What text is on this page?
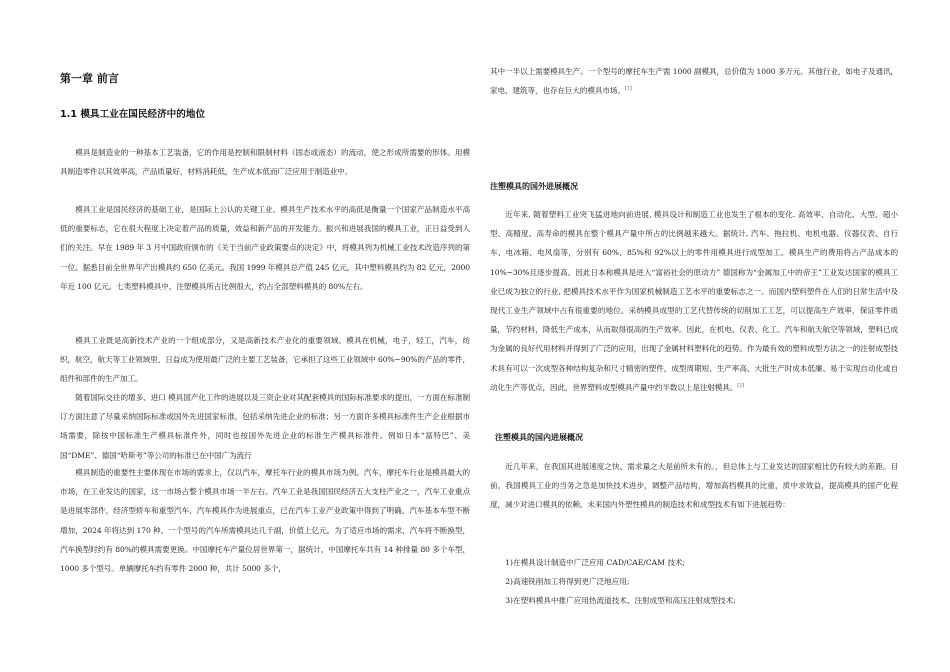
第一章 前言
1.1 模具工业在国民经济中的地位

模具是制造业的一种基本工艺装备，它的作用是控制和限制材料（固态或液态）的流动，使之形成所需要的形体。用模具制造零件以其效率高，产品质量好，材料消耗低，生产成本低而广泛应用于制造业中。

模具工业是国民经济的基础工业，是国际上公认的关键工业。模具生产技术水平的高低是衡量一个国家产品制造水平高低的重要标志，它在很大程度上决定着产品的质量，效益和新产品的开发能力。振兴和进展我国的模具工业，正日益受到人们的关注。早在 1989 年 3 月中国政府颁布的《关于当前产业政策要点的决定》中，将模具列为机械工业技术改造序列的第一位。据悉目前全世界年产出模具约 650 亿美元。我国 1999 年模具总产值 245 亿元，其中塑料模具约为 82 亿元，2000 年近 100 亿元。七类塑料模具中，注塑模具所占比例很大，约占全部塑料模具的 80%左右。

模具工业既是高新技术产业的一个组成部分，又是高新技术产业化的重要领域。模具在机械，电子，轻工，汽车，纺织，航空，航天等工业领域里，日益成为使用最广泛的主要工艺装备，它承担了这些工业领域中 60%~90%的产品的零件，组件和部件的生产加工。

随着国际交往的增多、进口 模具国产化工作的进展以及三资企业对其配套模具的国际标准要求的提出，一方面在标准制订方面注意了尽量采纳国际标准或国外先进国家标准，包括采纳先进企业的标准；另一方面许多模具标准件生产企业根据市场需要，除按中国标准生产模具标准件外，同时也按国外先进企业的标准生产模具标准件。例如日本“富特巴”、美国“DME”、德国“哈斯考”等公司的标准已在中国广为流行

模具制造的重要性主要体现在市场的需求上，仅以汽车，摩托车行业的模具市场为例。汽车，摩托车行业是模具最大的市场，在工业发达的国家，这一市场占整个模具市场一半左右。汽车工业是我国国民经济五大支柱产业之一，汽车工业重点是进展零部件，经济型轿车和重型汽车，汽车模具作为进展重点，已在汽车工业产业政策中得到了明确。汽车基本车型不断增加，2024 年将达到 170 种。一个型号的汽车所需模具达几千副，价值上亿元。为了适应市场的需求，汽车将不断换型，汽车换型时约有 80%的模具需要更换。中国摩托车产量位居世界第一，据统计，中国摩托车共有 14 种排量 80 多个车型，1000 多个型号。单辆摩托车约有零件 2000 种，共计 5000 多个，

其中一半以上需要模具生产。一个型号的摩托车生产需 1000 副模具，总价值为 1000 多万元。其他行业，如电子及通讯，家电，建筑等，也存在巨大的模具市场。[1]

注塑模具的国外进展概况

近年来, 随着塑料工业突飞猛进地向前进展, 模具设计和制造工业也发生了根本的变化. 高效率、自动化、大型、超小型、高精度、高寿命的模具在整个模具产量中所占的比例越来越大。据统计, 汽车、拖拉机、电机电器、仪器仪表、自行车、电冰箱、电风扇等，分别有 60%、85%和 92%以上的零件用模具进行成型加工。模具生产的费用将占产品成本的 10%~30%且逐步提高。因此日本称模具是进入“富裕社会的原动力” 德国称为“金属加工中的帝王”工业发达国家的模具工业已成为独立的行业, 把模具技术水平作为国家机械制造工艺水平的重要标志之一。而国内塑料塑件在人们的日常生活中及现代工业生产领域中占有很重要的地位。采纳模具成型的工艺代替传统的切削加工工艺，可以提高生产效率，保证零件质量，节约材料，降低生产成本，从而取得很高的生产效率。因此，在机电、仪表、化工、汽车和航天航空等领域，塑料已成为金属的良好代用材料并得到了广泛的应用，出现了金属材料塑料化的趋势。作为最有效的塑料成型方法之一的注射成型技术具有可以一次成型各种结构复杂和尺寸精密的塑件，成型周期短、生产率高、大批生产时成本低廉、易于实现自动化或自动化生产等优点，因此，世界塑料成型模具产量中约半数以上是注射模具。[2]

注塑模具的国内进展概况

近几年来，在我国其进展速度之快、需求量之大是前所未有的。，但总体上与工业发达的国家相比仍有较大的差距。目前，我国模具工业的当务之急是加快技术进步，调整产品结构，增加高档模具的比重，质中求效益，提高模具的国产化程度，减少对进口模具的依赖。未来国内外塑性模具的制造技术和成型技术有如下进展趋势：

1)在模具设计制造中广泛应用 CAD/CAE/CAM 技术;
2)高速铣削加工将得到更广泛地应用;
3)在塑料模具中推广应用热流道技术、注射成型和高压注射成型技术;
